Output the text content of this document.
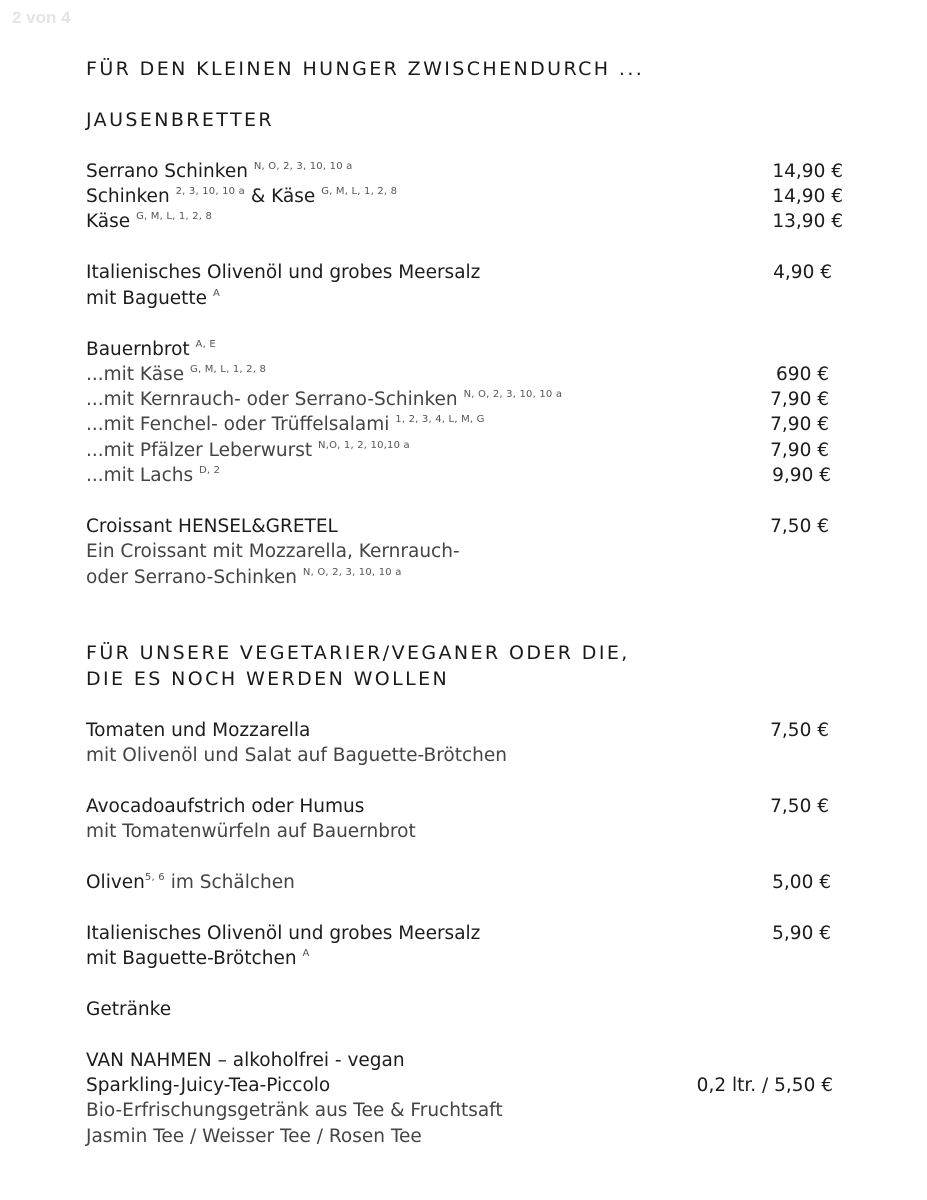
2 von 4
FÜR DEN KLEINEN HUNGER ZWISCHENDURCH ...
JAUSENBRETTER
Serrano Schinken $^{N, O, 2, 3, 10, 10 a}$	14,90 €
Schinken $^{2, 3, 10, 10 a}$ & Käse $^{G, M, L, 1, 2, 8}$	14,90 €
Käse $^{G, M, L, 1, 2, 8}$	13,90 €
Italienisches Olivenöl und grobes Meersalz	4,90 €
mit Baguette $^A$
Bauernbrot $^{A, E}$
...mit Käse $^{G, M, L, 1, 2, 8}$	690 €
...mit Kernrauch- oder Serrano-Schinken $^{N, O, 2, 3, 10, 10 a}$	7,90 €
...mit Fenchel- oder Trüffelsalami $^{1, 2, 3, 4, L, M, G}$	7,90 €
...mit Pfälzer Leberwurst $^{N,O, 1, 2, 10,10 a}$	7,90 €
...mit Lachs $^{D, 2}$	9,90 €
Croissant HENSEL&GRETEL	7,50 €
Ein Croissant mit Mozzarella, Kernrauch-
oder Serrano-Schinken $^{N, O, 2, 3, 10, 10 a}$
FÜR UNSERE VEGETARIER/VEGANER ODER DIE,
DIE ES NOCH WERDEN WOLLEN
Tomaten und Mozzarella	7,50 €
mit Olivenöl und Salat auf Baguette-Brötchen
Avocadoaufstrich oder Humus	7,50 €
mit Tomatenwürfeln auf Bauernbrot
Oliven$^{5, 6}$ im Schälchen	5,00 €
Italienisches Olivenöl und grobes Meersalz	5,90 €
mit Baguette-Brötchen $^A$
Getränke
VAN NAHMEN – alkoholfrei - vegan
Sparkling-Juicy-Tea-Piccolo	0,2 ltr. / 5,50 €
Bio-Erfrischungsgetränk aus Tee & Fruchtsaft
Jasmin Tee / Weisser Tee / Rosen Tee
